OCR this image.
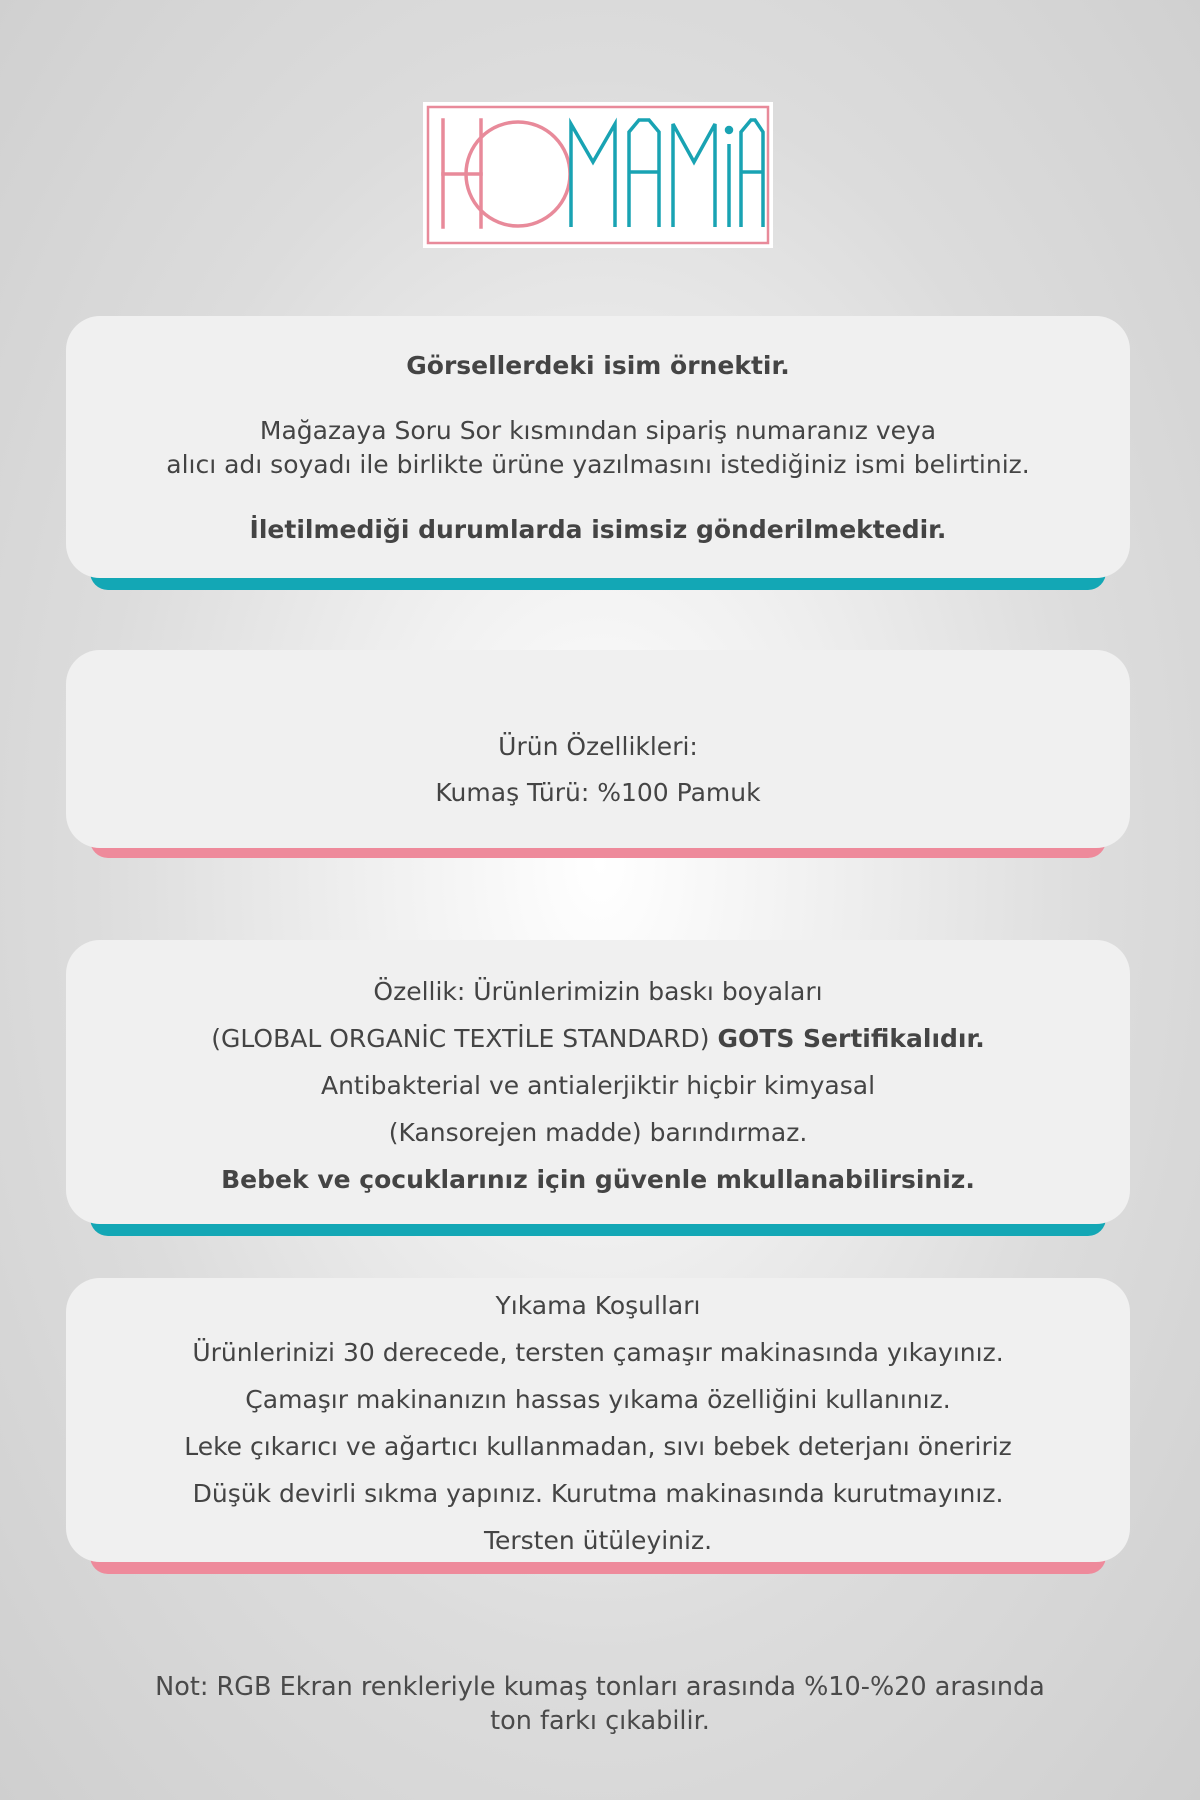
Görsellerdeki isim örnektir.

Mağazaya Soru Sor kısmından sipariş numaranız veya

alıcı adı soyadı ile birlikte ürüne yazılmasını istediğiniz ismi belirtiniz.

İletilmediği durumlarda isimsiz gönderilmektedir.

Ürün Özellikleri:

Kumaş Türü: %100 Pamuk

Özellik: Ürünlerimizin baskı boyaları

(GLOBAL ORGANİC TEXTİLE STANDARD) GOTS Sertifikalıdır.

Antibakterial ve antialerjiktir hiçbir kimyasal

(Kansorejen madde) barındırmaz.

Bebek ve çocuklarınız için güvenle mkullanabilirsiniz.

Yıkama Koşulları

Ürünlerinizi 30 derecede, tersten çamaşır makinasında yıkayınız.

Çamaşır makinanızın hassas yıkama özelliğini kullanınız.

Leke çıkarıcı ve ağartıcı kullanmadan, sıvı bebek deterjanı öneririz

Düşük devirli sıkma yapınız. Kurutma makinasında kurutmayınız.

Tersten ütüleyiniz.

Not: RGB Ekran renkleriyle kumaş tonları arasında %10-%20 arasında
ton farkı çıkabilir.
